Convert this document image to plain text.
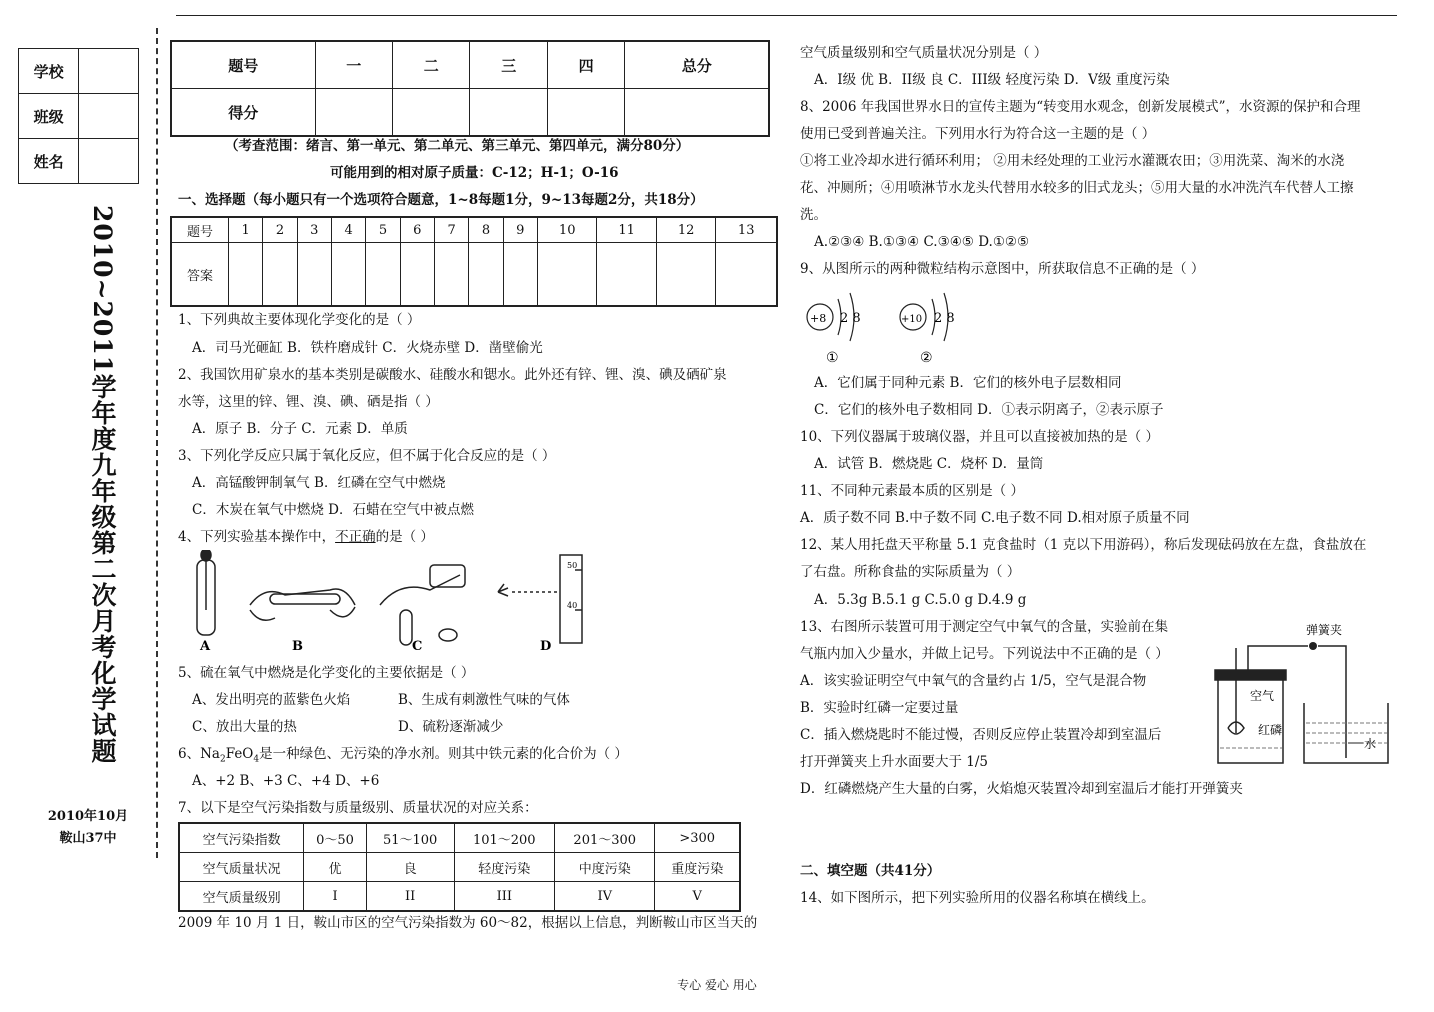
学校	
班级	
姓名	
2010~2011学年度九年级第二次月考化学试题
2010年10月
鞍山37中
题号	一	二	三	四	总分
得分					
（考查范围：绪言、第一单元、第二单元、第三单元、第四单元，满分80分）
可能用到的相对原子质量：C-12；H-1；O-16
一、选择题（每小题只有一个选项符合题意，1~8每题1分，9~13每题2分，共18分）
题号	1	2	3	4	5	6	7	8	9	10	11	12	13
答案													
1、下列典故主要体现化学变化的是（ ）
A．司马光砸缸 B．铁杵磨成针 C．火烧赤壁 D．凿壁偷光
2、我国饮用矿泉水的基本类别是碳酸水、硅酸水和锶水。此外还有锌、锂、溴、碘及硒矿泉
水等，这里的锌、锂、溴、碘、硒是指（ ）
A．原子 B．分子 C．元素 D．单质
3、下列化学反应只属于氧化反应，但不属于化合反应的是（ ）
A．高锰酸钾制氧气 B．红磷在空气中燃烧
C．木炭在氧气中燃烧 D．石蜡在空气中被点燃
4、下列实验基本操作中，不正确的是（ ）
A	B	C
50
40
D
5、硫在氧气中燃烧是化学变化的主要依据是（ ）
A、发出明亮的蓝紫色火焰	B、生成有刺激性气味的气体
C、放出大量的热	D、硫粉逐渐减少
6、$Na_2FeO_4$是一种绿色、无污染的净水剂。则其中铁元素的化合价为（ ）
A、+2 B、+3 C、+4 D、+6
7、以下是空气污染指数与质量级别、质量状况的对应关系：
空气污染指数	0～50	51～100	101～200	201～300	>300
空气质量状况	优	良	轻度污染	中度污染	重度污染
空气质量级别	I	II	III	IV	V
2009 年 10 月 1 日，鞍山市区的空气污染指数为 60～82，根据以上信息，判断鞍山市区当天的
空气质量级别和空气质量状况分别是（ ）
A．I级 优 B．II级 良 C．III级 轻度污染 D．V级 重度污染
8、2006 年我国世界水日的宣传主题为“转变用水观念，创新发展模式”，水资源的保护和合理
使用已受到普遍关注。下列用水行为符合这一主题的是（ ）
①将工业冷却水进行循环利用； ②用未经处理的工业污水灌溉农田；③用洗菜、淘米的水浇
花、冲厕所；④用喷淋节水龙头代替用水较多的旧式龙头；⑤用大量的水冲洗汽车代替人工擦
洗。
A.②③④ B.①③④ C.③④⑤ D.①②⑤
9、从图所示的两种微粒结构示意图中，所获取信息不正确的是（ ）
+8 2 8
①
+10 2 8
②
A．它们属于同种元素 B．它们的核外电子层数相同
C．它们的核外电子数相同 D．①表示阴离子，②表示原子
10、下列仪器属于玻璃仪器，并且可以直接被加热的是（ ）
A．试管 B．燃烧匙 C．烧杯 D．量筒
11、不同种元素最本质的区别是（ ）
A．质子数不同 B.中子数不同 C.电子数不同 D.相对原子质量不同
12、某人用托盘天平称量 5.1 克食盐时（1 克以下用游码），称后发现砝码放在左盘，食盐放在
了右盘。所称食盐的实际质量为（ ）
A．5.3g B.5.1 g C.5.0 g D.4.9 g
13、右图所示装置可用于测定空气中氧气的含量，实验前在集
气瓶内加入少量水，并做上记号。下列说法中不正确的是（ ）
A．该实验证明空气中氧气的含量约占 1/5，空气是混合物
B．实验时红磷一定要过量
C．插入燃烧匙时不能过慢，否则反应停止装置冷却到室温后
打开弹簧夹上升水面要大于 1/5
D．红磷燃烧产生大量的白雾，火焰熄灭装置冷却到室温后才能打开弹簧夹
弹簧夹
空气
红磷
水
二、填空题（共41分）
14、如下图所示，把下列实验所用的仪器名称填在横线上。
专心 爱心 用心
